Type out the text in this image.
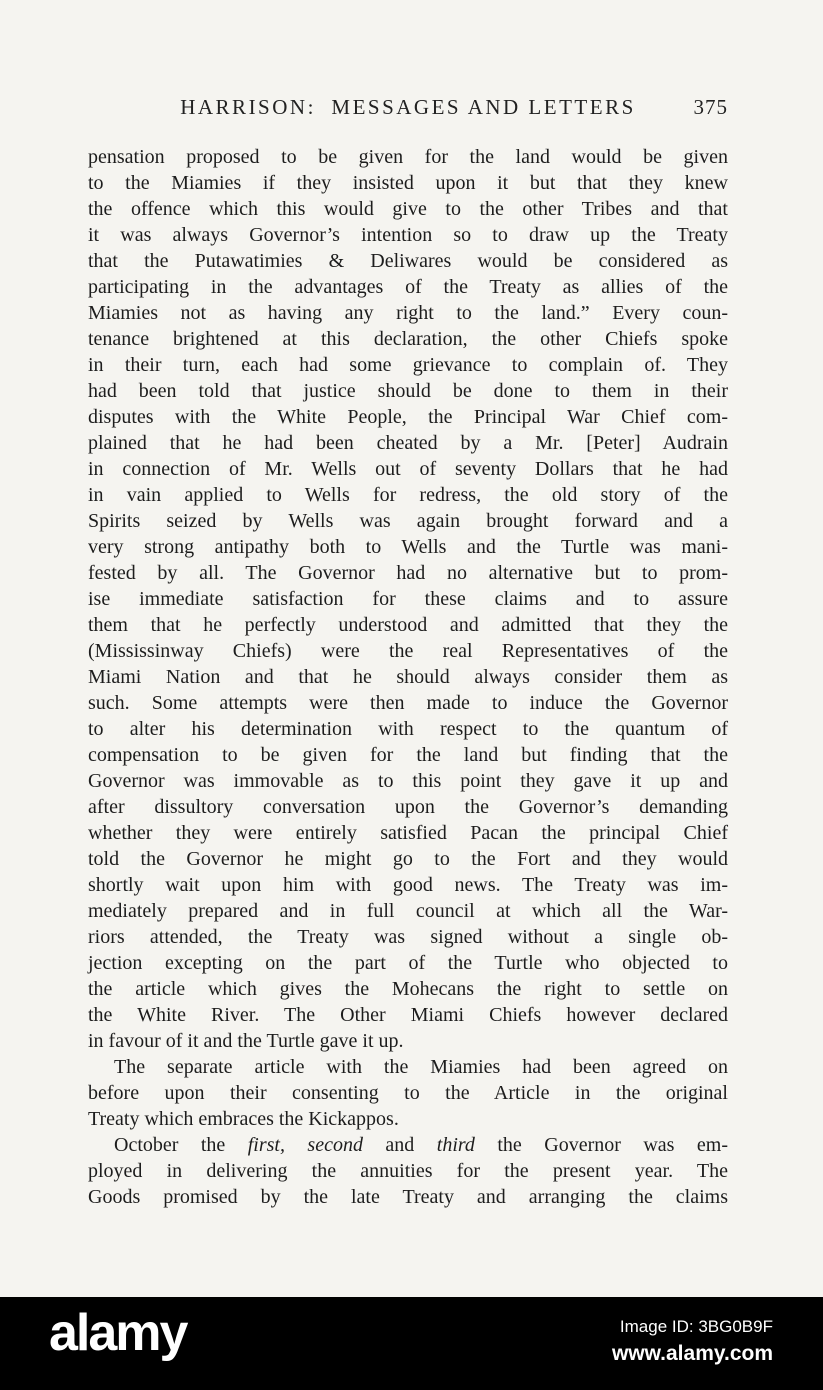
HARRISON:  MESSAGES AND LETTERS	375
pensation proposed to be given for the land would be given
to the Miamies if they insisted upon it but that they knew
the offence which this would give to the other Tribes and that
it was always Governor’s intention so to draw up the Treaty
that the Putawatimies & Deliwares would be considered as
participating in the advantages of the Treaty as allies of the
Miamies not as having any right to the land.” Every coun-
tenance brightened at this declaration, the other Chiefs spoke
in their turn, each had some grievance to complain of. They
had been told that justice should be done to them in their
disputes with the White People, the Principal War Chief com-
plained that he had been cheated by a Mr. [Peter] Audrain
in connection of Mr. Wells out of seventy Dollars that he had
in vain applied to Wells for redress, the old story of the
Spirits seized by Wells was again brought forward and a
very strong antipathy both to Wells and the Turtle was mani-
fested by all. The Governor had no alternative but to prom-
ise immediate satisfaction for these claims and to assure
them that he perfectly understood and admitted that they the
(Mississinway Chiefs) were the real Representatives of the
Miami Nation and that he should always consider them as
such. Some attempts were then made to induce the Governor
to alter his determination with respect to the quantum of
compensation to be given for the land but finding that the
Governor was immovable as to this point they gave it up and
after dissultory conversation upon the Governor’s demanding
whether they were entirely satisfied Pacan the principal Chief
told the Governor he might go to the Fort and they would
shortly wait upon him with good news. The Treaty was im-
mediately prepared and in full council at which all the War-
riors attended, the Treaty was signed without a single ob-
jection excepting on the part of the Turtle who objected to
the article which gives the Mohecans the right to settle on
the White River. The Other Miami Chiefs however declared
in favour of it and the Turtle gave it up.
The separate article with the Miamies had been agreed on
before upon their consenting to the Article in the original
Treaty which embraces the Kickappos.
October the first, second and third the Governor was em-
ployed in delivering the annuities for the present year. The
Goods promised by the late Treaty and arranging the claims
alamy	Image ID: 3BG0B9F
www.alamy.com
